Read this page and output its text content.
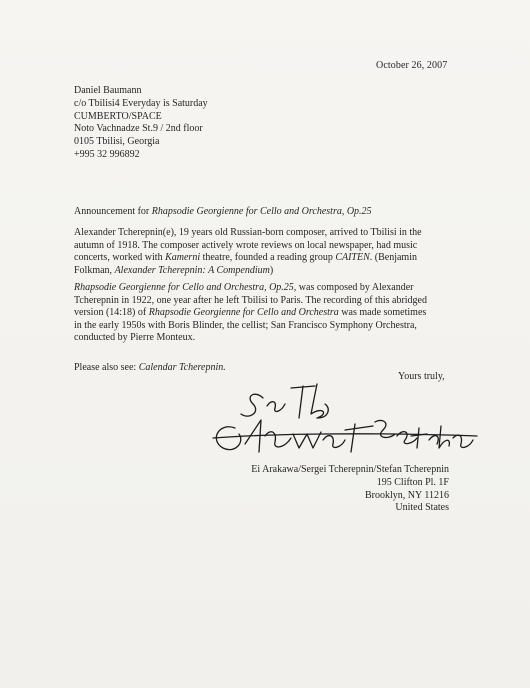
October 26, 2007
Daniel Baumann
c/o Tbilisi4 Everyday is Saturday
CUMBERTO/SPACE
Noto Vachnadze St.9 / 2nd floor
0105 Tbilisi, Georgia
+995 32 996892
Announcement for Rhapsodie Georgienne for Cello and Orchestra, Op.25
Alexander Tcherepnin(e), 19 years old Russian-born composer, arrived to Tbilisi in the autumn of 1918. The composer actively wrote reviews on local newspaper, had music concerts, worked with Kamerni theatre, founded a reading group CAITEN. (Benjamin Folkman, Alexander Tcherepnin: A Compendium)
Rhapsodie Georgienne for Cello and Orchestra, Op.25, was composed by Alexander Tcherepnin in 1922, one year after he left Tbilisi to Paris. The recording of this abridged version (14:18) of Rhapsodie Georgienne for Cello and Orchestra was made sometimes in the early 1950s with Boris Blinder, the cellist; San Francisco Symphony Orchestra, conducted by Pierre Monteux.
Please also see: Calendar Tcherepnin.
Yours truly,
Ei Arakawa/Sergei Tcherepnin/Stefan Tcherepnin
195 Clifton Pl. 1F
Brooklyn, NY 11216
United States
